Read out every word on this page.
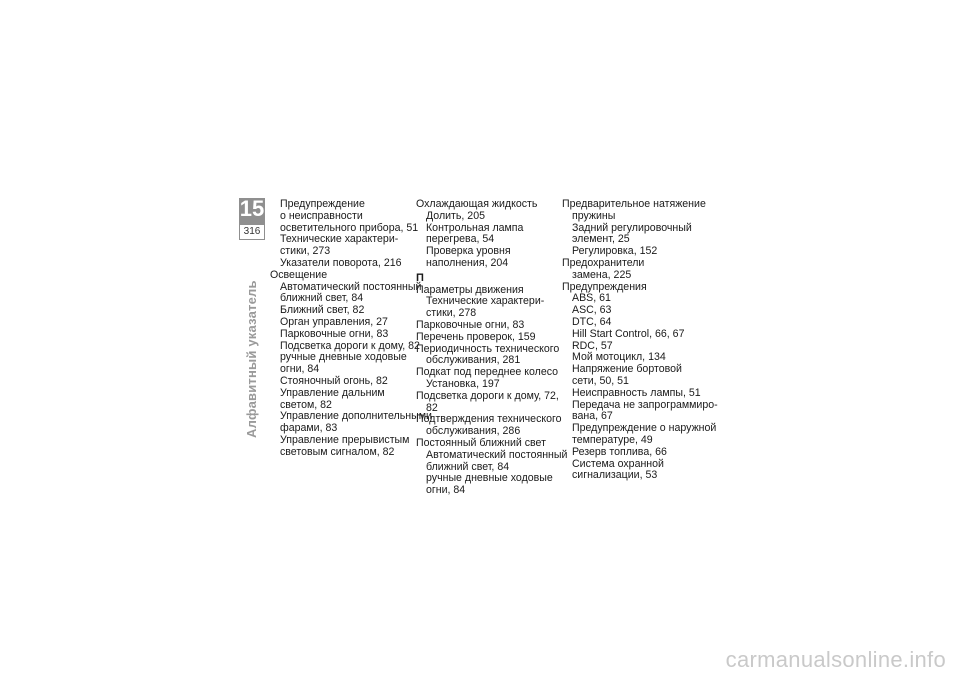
15
316
Алфавитный указатель
Предупреждение
о неисправности
осветительного прибора, 51
Технические характери-
стики, 273
Указатели поворота, 216
Освещение
Автоматический постоянный
ближний свет, 84
Ближний свет, 82
Орган управления, 27
Парковочные огни, 83
Подсветка дороги к дому, 82
ручные дневные ходовые
огни, 84
Стояночный огонь, 82
Управление дальним
светом, 82
Управление дополнительными
фарами, 83
Управление прерывистым
световым сигналом, 82
Охлаждающая жидкость
Долить, 205
Контрольная лампа
перегрева, 54
Проверка уровня
наполнения, 204
П
Параметры движения
Технические характери-
стики, 278
Парковочные огни, 83
Перечень проверок, 159
Периодичность технического
обслуживания, 281
Подкат под переднее колесо
Установка, 197
Подсветка дороги к дому, 72,
82
Подтверждения технического
обслуживания, 286
Постоянный ближний свет
Автоматический постоянный
ближний свет, 84
ручные дневные ходовые
огни, 84
Предварительное натяжение
пружины
Задний регулировочный
элемент, 25
Регулировка, 152
Предохранители
замена, 225
Предупреждения
ABS, 61
ASC, 63
DTC, 64
Hill Start Control, 66, 67
RDC, 57
Мой мотоцикл, 134
Напряжение бортовой
сети, 50, 51
Неисправность лампы, 51
Передача не запрограммиро-
вана, 67
Предупреждение о наружной
температуре, 49
Резерв топлива, 66
Система охранной
сигнализации, 53
carmanualsonline.info
